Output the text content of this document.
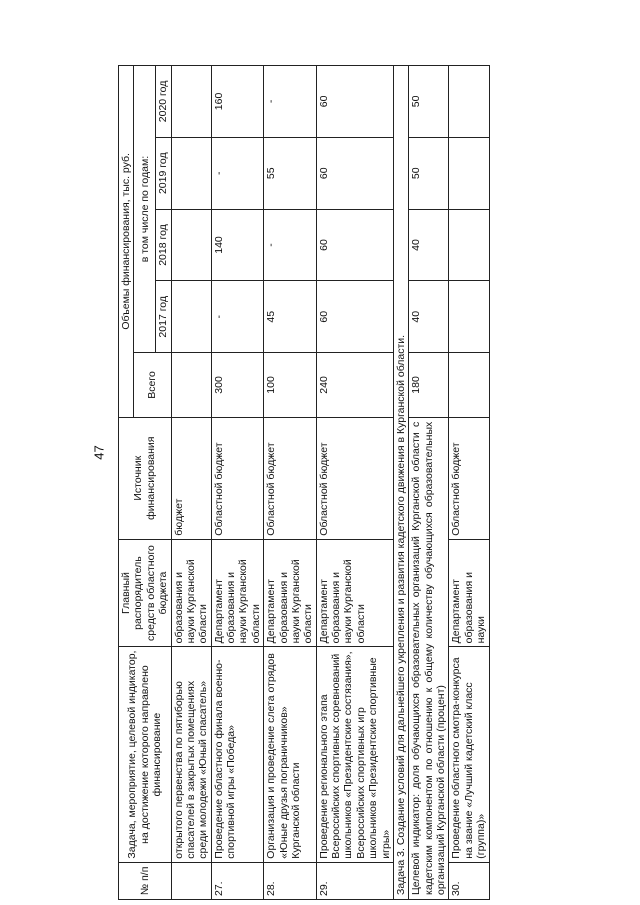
47
№ п/п	Задача, мероприятие, целевой индикатор, на достижение которого направлено финансирование	Главный распорядитель средств областного бюджета	Источник финансирования	Объемы финансирования, тыс. руб.				
				Всего	в том числе по годам:			
					2017 год	2018 год	2019 год	2020 год
	открытого первенства по пятиборью спасателей в закрытых помещениях среди молодежи «Юный спасатель»	образования и науки Курганской области	бюджет					
27.	Проведение областного финала военно-спортивной игры «Победа»	Департамент образования и науки Курганской области	Областной бюджет	300	-	140	-	160
28.	Организация и проведение слета отрядов «Юные друзья пограничников» Курганской области	Департамент образования и науки Курганской области	Областной бюджет	100	45	-	55	-
29.	Проведение регионального этапа Всероссийских спортивных соревнований школьников «Президентские состязания», Всероссийских спортивных игр школьников «Президентские спортивные игры»	Департамент образования и науки Курганской области	Областной бюджет	240	60	60	60	60
Задача 3. Создание условий для дальнейшего укрепления и развития кадетского движения в Курганской области.								
Целевой индикатор: доля обучающихся образовательных организаций Курганской области с кадетским компонентом по отношению к общему количеству обучающихся образовательных организаций Курганской области (процент)				180	40	40	50	50
30.	Проведение областного смотра-конкурса на звание «Лучший кадетский класс (группа)»	Департамент образования и науки	Областной бюджет					
